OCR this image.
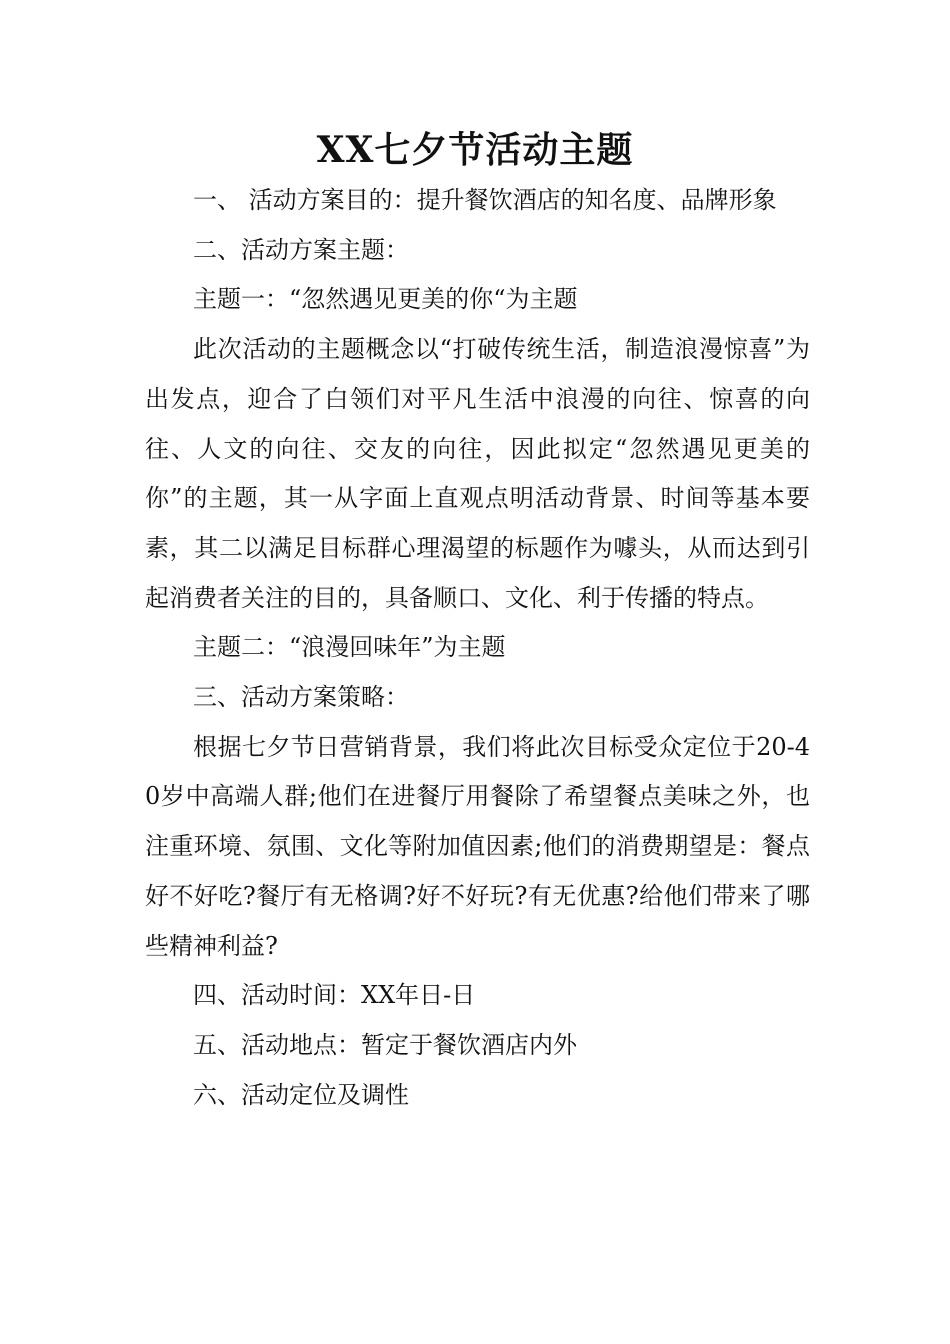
XX七夕节活动主题

一、 活动方案目的：提升餐饮酒店的知名度、品牌形象

二、活动方案主题：

主题一：“忽然遇见更美的你“为主题

此次活动的主题概念以“打破传统生活，制造浪漫惊喜”为出发点，迎合了白领们对平凡生活中浪漫的向往、惊喜的向往、人文的向往、交友的向往，因此拟定“忽然遇见更美的你”的主题，其一从字面上直观点明活动背景、时间等基本要素，其二以满足目标群心理渴望的标题作为噱头，从而达到引起消费者关注的目的，具备顺口、文化、利于传播的特点。

主题二：“浪漫回味年”为主题

三、活动方案策略：

根据七夕节日营销背景，我们将此次目标受众定位于20-40岁中高端人群;他们在进餐厅用餐除了希望餐点美味之外，也注重环境、氛围、文化等附加值因素;他们的消费期望是：餐点好不好吃?餐厅有无格调?好不好玩?有无优惠?给他们带来了哪些精神利益?

四、活动时间：XX年日-日

五、活动地点：暂定于餐饮酒店内外

六、活动定位及调性
